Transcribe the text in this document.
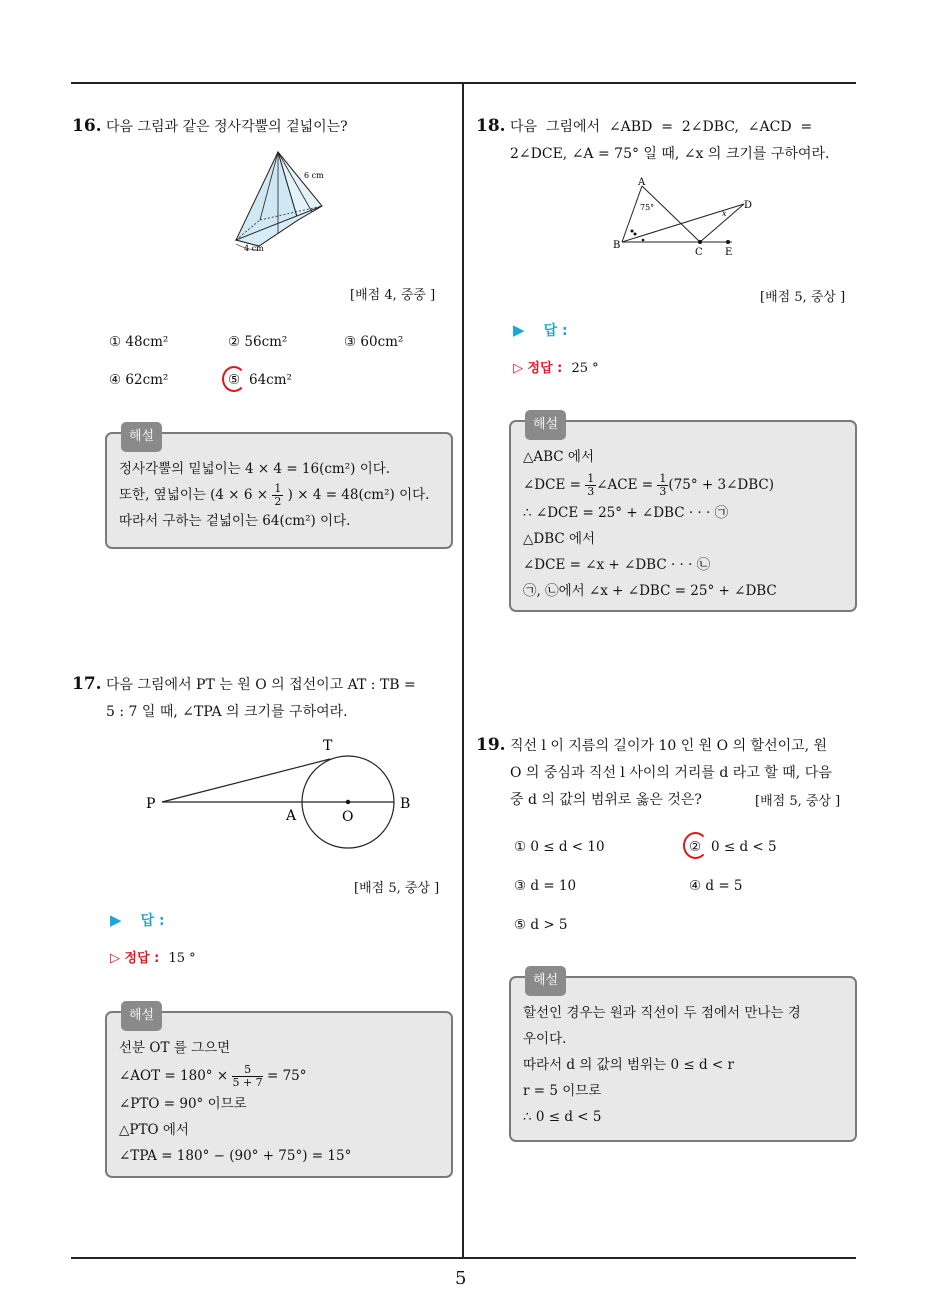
5
16. 다음 그림과 같은 정사각뿔의 겉넓이는?
4 cm
6 cm
[배점 4, 중중 ]
① 48cm²	② 56cm²	③ 60cm²
④ 62cm²	⑤ 64cm²
해설
정사각뿔의 밑넓이는 4 × 4 = 16(cm²) 이다.
또한, 옆넓이는 ($4 \times 6 \times \frac{1}{2}$ ) × 4 = 48(cm²) 이다.
따라서 구하는 겉넓이는 64(cm²) 이다.
17. 다음 그림에서 PT 는 원 O 의 접선이고 AT : TB =
5 : 7 일 때, ∠TPA 의 크기를 구하여라.
T
P
A	O
B
[배점 5, 중상 ]
▶ 답 :
▷ 정답 : 15 °
해설
선분 OT 를 그으면
∠AOT = $180^\circ \times \frac{5}{5 + 7} = 75^\circ$
∠PTO = 90° 이므로
△PTO 에서
∠TPA = 180° − (90° + 75°) = 15°
18. 다음  그림에서  ∠ABD  =  2∠DBC,  ∠ACD  =
2∠DCE, ∠A = 75° 일 때, ∠x 의 크기를 구하여라.
A
B
C
D
E
75°
x
[배점 5, 중상 ]
▶ 답 :
▷ 정답 : 25 °
해설
△ABC 에서
∠DCE = $\frac{1}{3}$ ∠ACE = $\frac{1}{3} (75^\circ$ + 3∠DBC)
∴ ∠DCE = 25° + ∠DBC · · · ㉠
△DBC 에서
∠DCE = ∠x + ∠DBC · · · ㉡
㉠, ㉡에서 ∠x + ∠DBC = 25° + ∠DBC
19. 직선 l 이 지름의 길이가 10 인 원 O 의 할선이고, 원
O 의 중심과 직선 l 사이의 거리를 d 라고 할 때, 다음
중 d 의 값의 범위로 옳은 것은?	[배점 5, 중상 ]
① 0 ≤ d < 10	② 0 ≤ d < 5
③ d = 10	④ d = 5
⑤ d > 5
해설
할선인 경우는 원과 직선이 두 점에서 만나는 경
우이다.
따라서 d 의 값의 범위는 0 ≤ d < r
r = 5 이므로
∴ 0 ≤ d < 5
